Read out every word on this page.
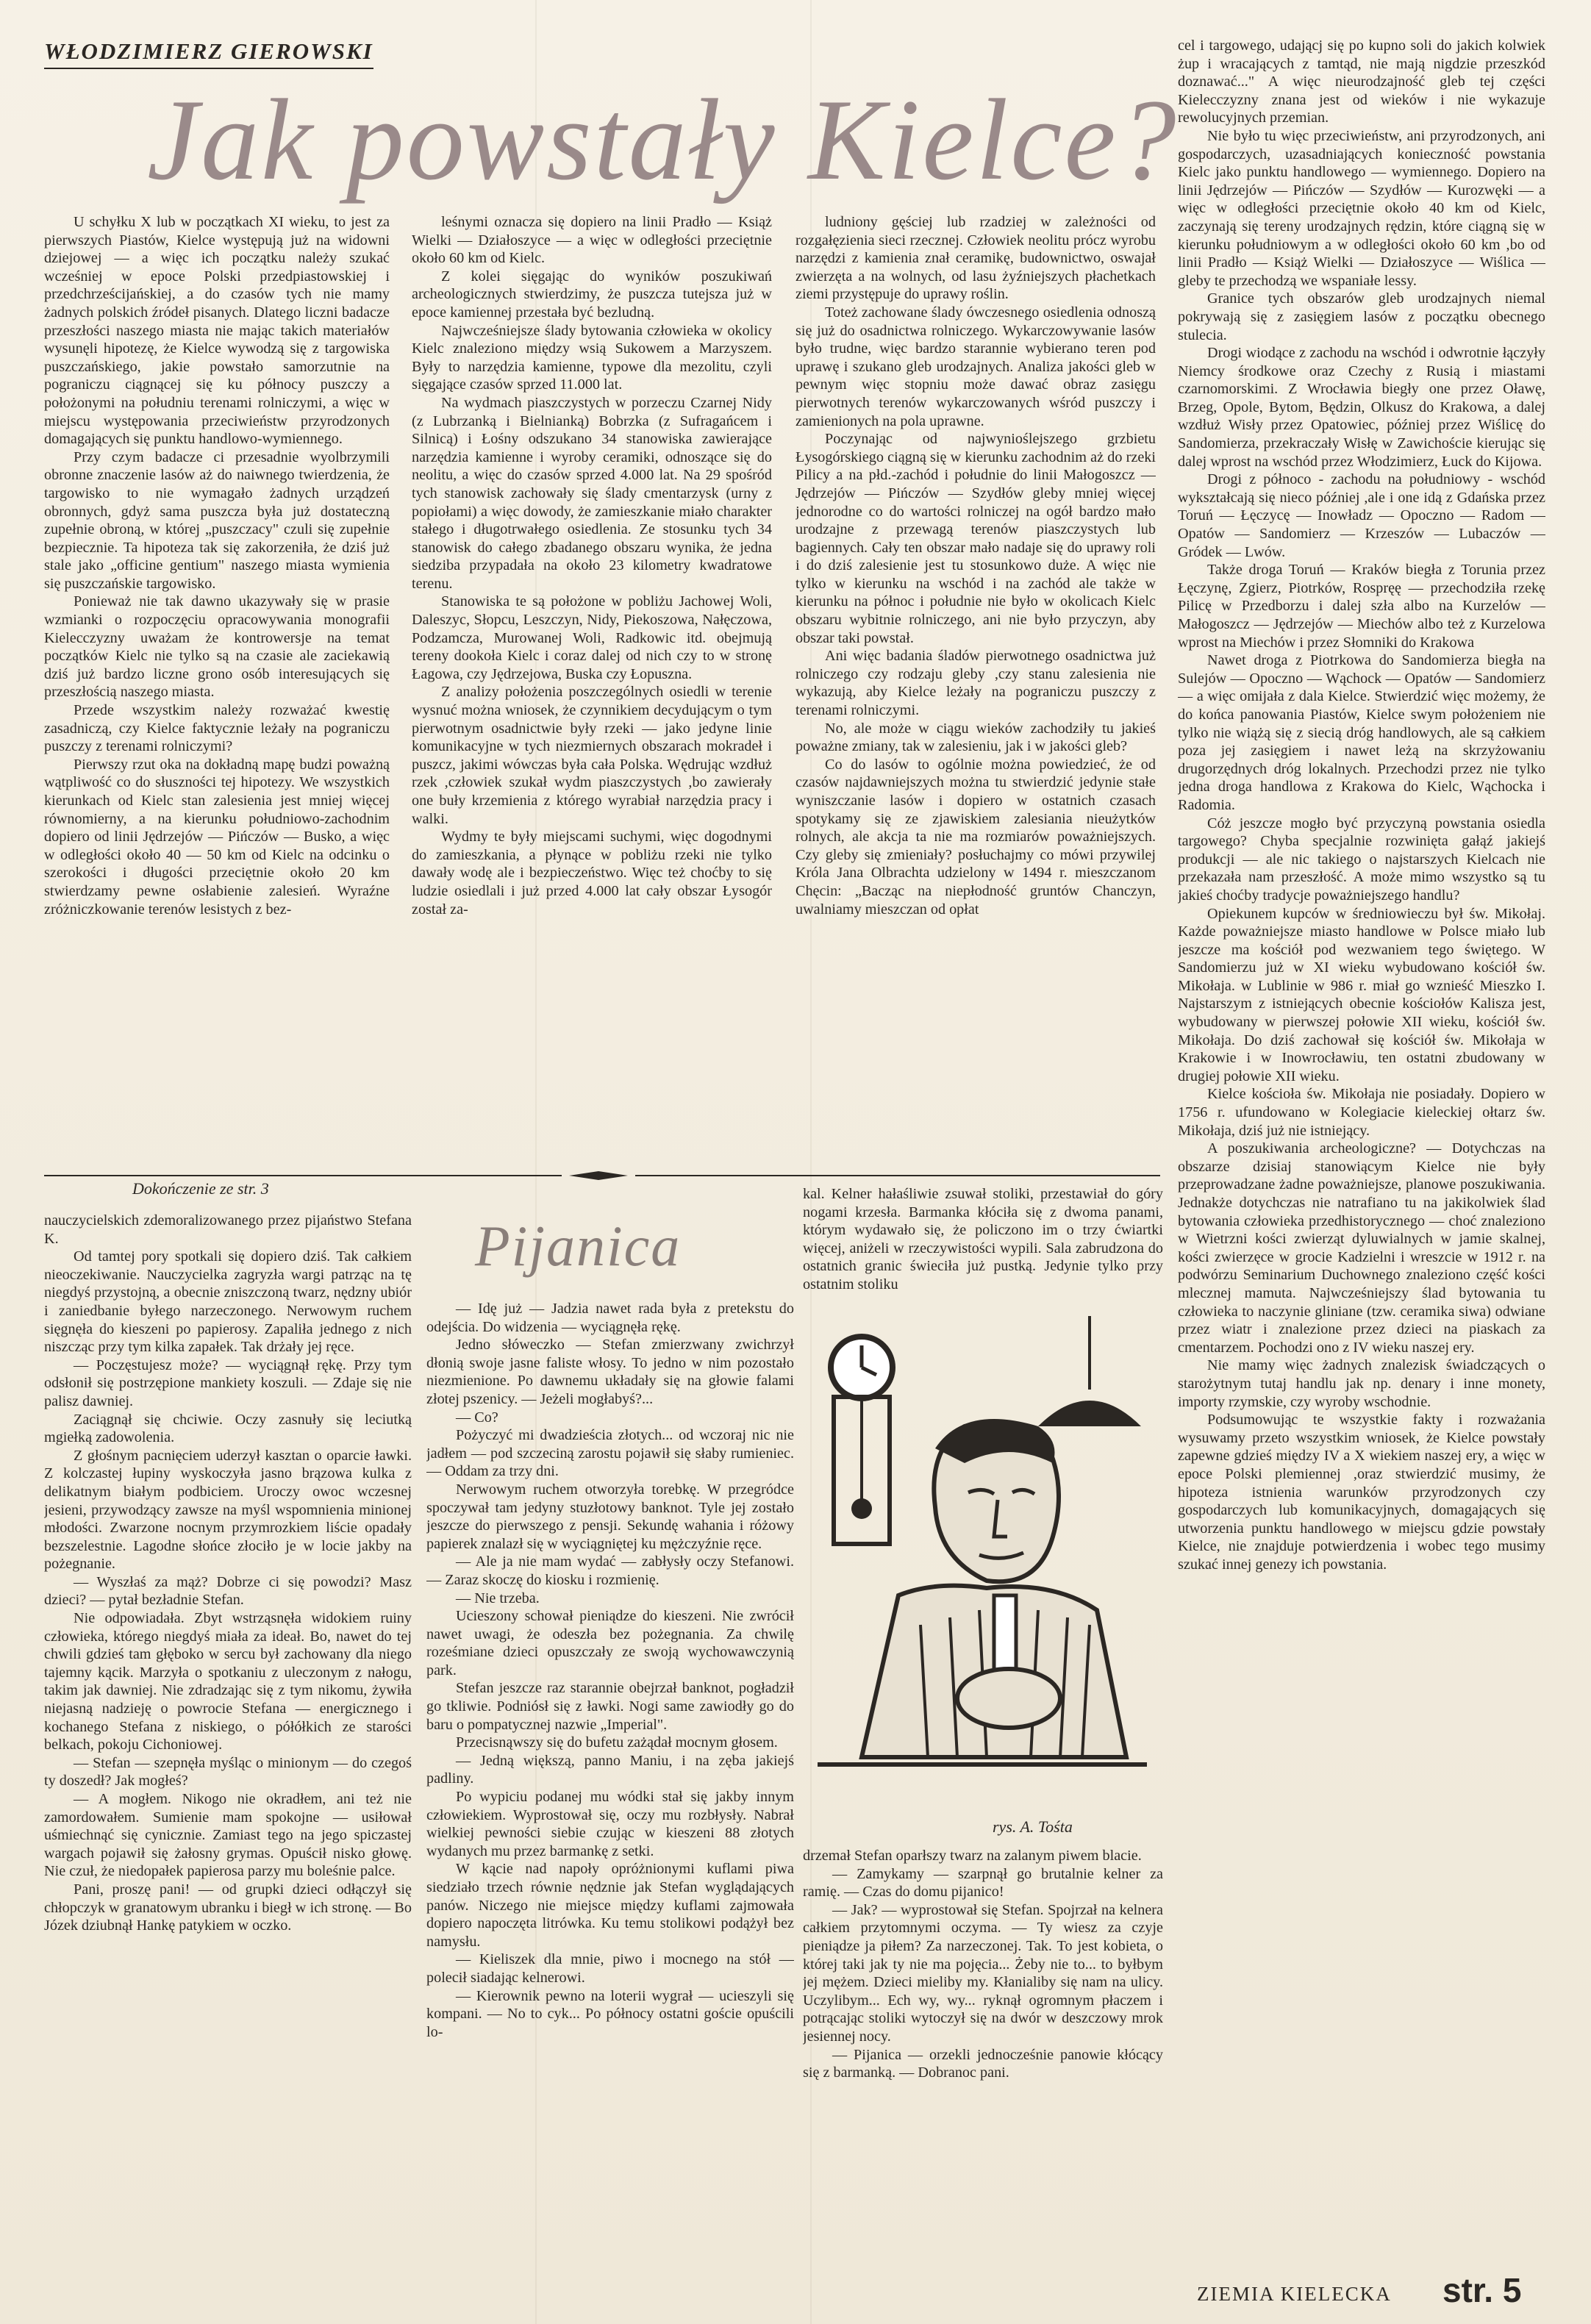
WŁODZIMIERZ GIEROWSKI
Jak powstały Kielce?

U schyłku X lub w początkach XI wieku, to jest za pierwszych Piastów, Kielce występują już na widowni dziejowej — a więc ich początku należy szukać wcześniej w epoce Polski przedpiastowskiej i przedchrześcijańskiej, a do czasów tych nie mamy żadnych polskich źródeł pisanych. Dlatego liczni badacze przeszłości naszego miasta nie mając takich materiałów wysunęli hipotezę, że Kielce wywodzą się z targowiska puszczańskiego, jakie powstało samorzutnie na pograniczu ciągnącej się ku północy puszczy a położonymi na południu terenami rolniczymi, a więc w miejscu występowania przeciwieństw przyrodzonych domagających się punktu handlowo-wymiennego.

Przy czym badacze ci przesadnie wyolbrzymili obronne znaczenie lasów aż do naiwnego twierdzenia, że targowisko to nie wymagało żadnych urządzeń obronnych, gdyż sama puszcza była już dostateczną zupełnie obroną, w której „puszczacy" czuli się zupełnie bezpiecznie. Ta hipoteza tak się zakorzeniła, że dziś już stale jako „officine gentium" naszego miasta wymienia się puszczańskie targowisko.

Ponieważ nie tak dawno ukazywały się w prasie wzmianki o rozpoczęciu opracowywania monografii Kielecczyzny uważam że kontrowersje na temat początków Kielc nie tylko są na czasie ale zaciekawią dziś już bardzo liczne grono osób interesujących się przeszłością naszego miasta.

Przede wszystkim należy rozważać kwestię zasadniczą, czy Kielce faktycznie leżały na pograniczu puszczy z terenami rolniczymi?

Pierwszy rzut oka na dokładną mapę budzi poważną wątpliwość co do słuszności tej hipotezy. We wszystkich kierunkach od Kielc stan zalesienia jest mniej więcej równomierny, a na kierunku południowo-zachodnim dopiero od linii Jędrzejów — Pińczów — Busko, a więc w odległości około 40 — 50 km od Kielc na odcinku o szerokości i długości przeciętnie około 20 km stwierdzamy pewne osłabienie zalesień. Wyraźne zróżniczkowanie terenów lesistych z bez-

leśnymi oznacza się dopiero na linii Pradło — Książ Wielki — Działoszyce — a więc w odległości przeciętnie około 60 km od Kielc.

Z kolei sięgając do wyników poszukiwań archeologicznych stwierdzimy, że puszcza tutejsza już w epoce kamiennej przestała być bezludną.

Najwcześniejsze ślady bytowania człowieka w okolicy Kielc znaleziono między wsią Sukowem a Marzyszem. Były to narzędzia kamienne, typowe dla mezolitu, czyli sięgające czasów sprzed 11.000 lat.

Na wydmach piaszczystych w porzeczu Czarnej Nidy (z Lubrzanką i Bielnianką) Bobrzka (z Sufragańcem i Silnicą) i Łośny odszukano 34 stanowiska zawierające narzędzia kamienne i wyroby ceramiki, odnoszące się do neolitu, a więc do czasów sprzed 4.000 lat. Na 29 spośród tych stanowisk zachowały się ślady cmentarzysk (urny z popiołami) a więc dowody, że zamieszkanie miało charakter stałego i długotrwałego osiedlenia. Ze stosunku tych 34 stanowisk do całego zbadanego obszaru wynika, że jedna siedziba przypadała na około 23 kilometry kwadratowe terenu.

Stanowiska te są położone w pobliżu Jachowej Woli, Daleszyc, Słopcu, Leszczyn, Nidy, Piekoszowa, Nałęczowa, Podzamcza, Murowanej Woli, Radkowic itd. obejmują tereny dookoła Kielc i coraz dalej od nich czy to w stronę Łagowa, czy Jędrzejowa, Buska czy Łopuszna.

Z analizy położenia poszczególnych osiedli w terenie wysnuć można wniosek, że czynnikiem decydującym o tym pierwotnym osadnictwie były rzeki — jako jedyne linie komunikacyjne w tych niezmiernych obszarach mokradeł i puszcz, jakimi wówczas była cała Polska. Wędrując wzdłuż rzek ,człowiek szukał wydm piaszczystych ,bo zawierały one buły krzemienia z którego wyrabiał narzędzia pracy i walki.

Wydmy te były miejscami suchymi, więc dogodnymi do zamieszkania, a płynące w pobliżu rzeki nie tylko dawały wodę ale i bezpieczeństwo. Więc też choćby to się ludzie osiedlali i już przed 4.000 lat cały obszar Łysogór został za-

ludniony gęściej lub rzadziej w zależności od rozgałęzienia sieci rzecznej. Człowiek neolitu prócz wyrobu narzędzi z kamienia znał ceramikę, budownictwo, oswajał zwierzęta a na wolnych, od lasu żyźniejszych płachetkach ziemi przystępuje do uprawy roślin.

Toteż zachowane ślady ówczesnego osiedlenia odnoszą się już do osadnictwa rolniczego. Wykarczowywanie lasów było trudne, więc bardzo starannie wybierano teren pod uprawę i szukano gleb urodzajnych. Analiza jakości gleb w pewnym więc stopniu może dawać obraz zasięgu pierwotnych terenów wykarczowanych wśród puszczy i zamienionych na pola uprawne.

Poczynając od najwynioślejszego grzbietu Łysogórskiego ciągną się w kierunku zachodnim aż do rzeki Pilicy a na płd.-zachód i południe do linii Małogoszcz — Jędrzejów — Pińczów — Szydłów gleby mniej więcej jednorodne co do wartości rolniczej na ogół bardzo mało urodzajne z przewagą terenów piaszczystych lub bagiennych. Cały ten obszar mało nadaje się do uprawy roli i do dziś zalesienie jest tu stosunkowo duże. A więc nie tylko w kierunku na wschód i na zachód ale także w kierunku na północ i południe nie było w okolicach Kielc obszaru wybitnie rolniczego, ani nie było przyczyn, aby obszar taki powstał.

Ani więc badania śladów pierwotnego osadnictwa już rolniczego czy rodzaju gleby ,czy stanu zalesienia nie wykazują, aby Kielce leżały na pograniczu puszczy z terenami rolniczymi.

No, ale może w ciągu wieków zachodziły tu jakieś poważne zmiany, tak w zalesieniu, jak i w jakości gleb?

Co do lasów to ogólnie można powiedzieć, że od czasów najdawniejszych można tu stwierdzić jedynie stałe wyniszczanie lasów i dopiero w ostatnich czasach spotykamy się ze zjawiskiem zalesiania nieużytków rolnych, ale akcja ta nie ma rozmiarów poważniejszych. Czy gleby się zmieniały? posłuchajmy co mówi przywilej Króla Jana Olbrachta udzielony w 1494 r. mieszczanom Chęcin: „Bacząc na niepłodność gruntów Chanczyn, uwalniamy mieszczan od opłat

cel i targowego, udającj się po kupno soli do jakich kolwiek żup i wracających z tamtąd, nie mają nigdzie przeszkód doznawać..." A więc nieurodzajność gleb tej części Kielecczyzny znana jest od wieków i nie wykazuje rewolucyjnych przemian.

Nie było tu więc przeciwieństw, ani przyrodzonych, ani gospodarczych, uzasadniających konieczność powstania Kielc jako punktu handlowego — wymiennego. Dopiero na linii Jędrzejów — Pińczów — Szydłów — Kurozwęki — a więc w odległości przeciętnie około 40 km od Kielc, zaczynają się tereny urodzajnych rędzin, które ciągną się w kierunku południowym a w odległości około 60 km ,bo od linii Pradło — Książ Wielki — Działoszyce — Wiślica — gleby te przechodzą we wspaniałe lessy.

Granice tych obszarów gleb urodzajnych niemal pokrywają się z zasięgiem lasów z początku obecnego stulecia.

Drogi wiodące z zachodu na wschód i odwrotnie łączyły Niemcy środkowe oraz Czechy z Rusią i miastami czarnomorskimi. Z Wrocławia biegły one przez Oławę, Brzeg, Opole, Bytom, Będzin, Olkusz do Krakowa, a dalej wzdłuż Wisły przez Opatowiec, później przez Wiślicę do Sandomierza, przekraczały Wisłę w Zawichoście kierując się dalej wprost na wschód przez Włodzimierz, Łuck do Kijowa.

Drogi z północo - zachodu na południowy - wschód wykształcają się nieco później ,ale i one idą z Gdańska przez Toruń — Łęczycę — Inowładz — Opoczno — Radom — Opatów — Sandomierz — Krzeszów — Lubaczów — Gródek — Lwów.

Także droga Toruń — Kraków biegła z Torunia przez Łęczynę, Zgierz, Piotrków, Rospręę — przechodziła rzekę Pilicę w Przedborzu i dalej szła albo na Kurzelów — Małogoszcz — Jędrzejów — Miechów albo też z Kurzelowa wprost na Miechów i przez Słomniki do Krakowa

Nawet droga z Piotrkowa do Sandomierza biegła na Sulejów — Opoczno — Wąchock — Opatów — Sandomierz — a więc omijała z dala Kielce. Stwierdzić więc możemy, że do końca panowania Piastów, Kielce swym położeniem nie tylko nie wiążą się z siecią dróg handlowych, ale są całkiem poza jej zasięgiem i nawet leżą na skrzyżowaniu drugorzędnych dróg lokalnych. Przechodzi przez nie tylko jedna droga handlowa z Krakowa do Kielc, Wąchocka i Radomia.

Cóż jeszcze mogło być przyczyną powstania osiedla targowego? Chyba specjalnie rozwinięta gałąź jakiejś produkcji — ale nic takiego o najstarszych Kielcach nie przekazała nam przeszłość. A może mimo wszystko są tu jakieś choćby tradycje poważniejszego handlu?

Opiekunem kupców w średniowieczu był św. Mikołaj. Każde poważniejsze miasto handlowe w Polsce miało lub jeszcze ma kościół pod wezwaniem tego świętego. W Sandomierzu już w XI wieku wybudowano kościół św. Mikołaja. w Lublinie w 986 r. miał go wznieść Mieszko I. Najstarszym z istniejących obecnie kościołów Kalisza jest, wybudowany w pierwszej połowie XII wieku, kościół św. Mikołaja. Do dziś zachował się kościół św. Mikołaja w Krakowie i w Inowrocławiu, ten ostatni zbudowany w drugiej połowie XII wieku.

Kielce kościoła św. Mikołaja nie posiadały. Dopiero w 1756 r. ufundowano w Kolegiacie kieleckiej ołtarz św. Mikołaja, dziś już nie istniejący.

A poszukiwania archeologiczne? — Dotychczas na obszarze dzisiaj stanowiącym Kielce nie były przeprowadzane żadne poważniejsze, planowe poszukiwania. Jednakże dotychczas nie natrafiano tu na jakikolwiek ślad bytowania człowieka przedhistorycznego — choć znaleziono w Wietrzni kości zwierząt dyluwialnych w jamie skalnej, kości zwierzęce w grocie Kadzielni i wreszcie w 1912 r. na podwórzu Seminarium Duchownego znaleziono część kości mlecznej mamuta. Najwcześniejszy ślad bytowania tu człowieka to naczynie gliniane (tzw. ceramika siwa) odwiane przez wiatr i znalezione przez dzieci na piaskach za cmentarzem. Pochodzi ono z IV wieku naszej ery.

Nie mamy więc żadnych znalezisk świadczących o starożytnym tutaj handlu jak np. denary i inne monety, importy rzymskie, czy wyroby wschodnie.

Podsumowując te wszystkie fakty i rozważania wysuwamy przeto wszystkim wniosek, że Kielce powstały zapewne gdzieś między IV a X wiekiem naszej ery, a więc w epoce Polski plemiennej ,oraz stwierdzić musimy, że hipoteza istnienia warunków przyrodzonych czy gospodarczych lub komunikacyjnych, domagających się utworzenia punktu handlowego w miejscu gdzie powstały Kielce, nie znajduje potwierdzenia i wobec tego musimy szukać innej genezy ich powstania.

Dokończenie ze str. 3
Pijanica

nauczycielskich zdemoralizowanego przez pijaństwo Stefana K.

Od tamtej pory spotkali się dopiero dziś. Tak całkiem nieoczekiwanie. Nauczycielka zagryzła wargi patrząc na tę niegdyś przystojną, a obecnie zniszczoną twarz, nędzny ubiór i zaniedbanie byłego narzeczonego. Nerwowym ruchem sięgnęła do kieszeni po papierosy. Zapaliła jednego z nich niszcząc przy tym kilka zapałek. Tak drżały jej ręce.

— Poczęstujesz może? — wyciągnął rękę. Przy tym odsłonił się postrzępione mankiety koszuli. — Zdaje się nie palisz dawniej.

Zaciągnął się chciwie. Oczy zasnuły się leciutką mgiełką zadowolenia.

Z głośnym pacnięciem uderzył kasztan o oparcie ławki. Z kolczastej łupiny wyskoczyła jasno brązowa kulka z delikatnym białym podbiciem. Uroczy owoc wczesnej jesieni, przywodzący zawsze na myśl wspomnienia minionej młodości. Zwarzone nocnym przymrozkiem liście opadały bezszelestnie. Lagodne słońce złociło je w locie jakby na pożegnanie.

— Wyszłaś za mąż? Dobrze ci się powodzi? Masz dzieci? — pytał bezładnie Stefan.

Nie odpowiadała. Zbyt wstrząsnęła widokiem ruiny człowieka, którego niegdyś miała za ideał. Bo, nawet do tej chwili gdzieś tam głęboko w sercu był zachowany dla niego tajemny kącik. Marzyła o spotkaniu z uleczonym z nałogu, takim jak dawniej. Nie zdradzając się z tym nikomu, żywiła niejasną nadzieję o powrocie Stefana — energicznego i kochanego Stefana z niskiego, o półółkich ze starości belkach, pokoju Cichoniowej.

— Stefan — szepnęła myśląc o minionym — do czegoś ty doszedł? Jak mogłeś?

— A mogłem. Nikogo nie okradłem, ani też nie zamordowałem. Sumienie mam spokojne — usiłował uśmiechnąć się cynicznie. Zamiast tego na jego spiczastej wargach pojawił się żałosny grymas. Opuścił nisko głowę. Nie czuł, że niedopałek papierosa parzy mu boleśnie palce.

Pani, proszę pani! — od grupki dzieci odłączył się chłopczyk w granatowym ubranku i biegł w ich stronę. — Bo Józek dziubnął Hankę patykiem w oczko.

— Idę już — Jadzia nawet rada była z pretekstu do odejścia. Do widzenia — wyciągnęła rękę.

Jedno słóweczko — Stefan zmierzwany zwichrzył dłonią swoje jasne faliste włosy. To jedno w nim pozostało niezmienione. Po dawnemu układały się na głowie falami złotej pszenicy. — Jeżeli mogłabyś?...

— Co?

Pożyczyć mi dwadzieścia złotych... od wczoraj nic nie jadłem — pod szczeciną zarostu pojawił się słaby rumieniec. — Oddam za trzy dni.

Nerwowym ruchem otworzyła torebkę. W przegródce spoczywał tam jedyny stuzłotowy banknot. Tyle jej zostało jeszcze do pierwszego z pensji. Sekundę wahania i różowy papierek znalazł się w wyciągniętej ku mężczyźnie ręce.

— Ale ja nie mam wydać — zabłysły oczy Stefanowi. — Zaraz skoczę do kiosku i rozmienię.

— Nie trzeba.

Ucieszony schował pieniądze do kieszeni. Nie zwrócił nawet uwagi, że odeszła bez pożegnania. Za chwilę roześmiane dzieci opuszczały ze swoją wychowawczynią park.

Stefan jeszcze raz starannie obejrzał banknot, pogładził go tkliwie. Podniósł się z ławki. Nogi same zawiodły go do baru o pompatycznej nazwie „Imperial".

Przecisnąwszy się do bufetu zażądał mocnym głosem.

— Jedną większą, panno Maniu, i na zęba jakiejś padliny.

Po wypiciu podanej mu wódki stał się jakby innym człowiekiem. Wyprostował się, oczy mu rozbłysły. Nabrał wielkiej pewności siebie czując w kieszeni 88 złotych wydanych mu przez barmankę z setki.

W kącie nad napoły opróżnionymi kuflami piwa siedziało trzech równie nędznie jak Stefan wyglądających panów. Niczego nie miejsce między kuflami zajmowała dopiero napoczęta litrówka. Ku temu stolikowi podążył bez namysłu.

— Kieliszek dla mnie, piwo i mocnego na stół — polecił siadając kelnerowi.

— Kierownik pewno na loterii wygrał — ucieszyli się kompani. — No to cyk... Po północy ostatni goście opuścili lo-

kal. Kelner hałaśliwie zsuwał stoliki, przestawiał do góry nogami krzesła. Barmanka kłóciła się z dwoma panami, którym wydawało się, że policzono im o trzy ćwiartki więcej, aniżeli w rzeczywistości wypili. Sala zabrudzona do ostatnich granic świeciła już pustką. Jedynie tylko przy ostatnim stoliku

rys. A. Tośta

drzemał Stefan oparłszy twarz na zalanym piwem blacie.

— Zamykamy — szarpnął go brutalnie kelner za ramię. — Czas do domu pijanico!

— Jak? — wyprostował się Stefan. Spojrzał na kelnera całkiem przytomnymi oczyma. — Ty wiesz za czyje pieniądze ja piłem? Za narzeczonej. Tak. To jest kobieta, o której taki jak ty nie ma pojęcia... Żeby nie to... to byłbym jej mężem. Dzieci mieliby my. Kłanialiby się nam na ulicy. Uczylibym... Ech wy, wy... ryknął ogromnym płaczem i potrącając stoliki wytoczył się na dwór w deszczowy mrok jesiennej nocy.

— Pijanica — orzekli jednocześnie panowie kłócący się z barmanką. — Dobranoc pani.

ZIEMIA KIELECKA str. 5
